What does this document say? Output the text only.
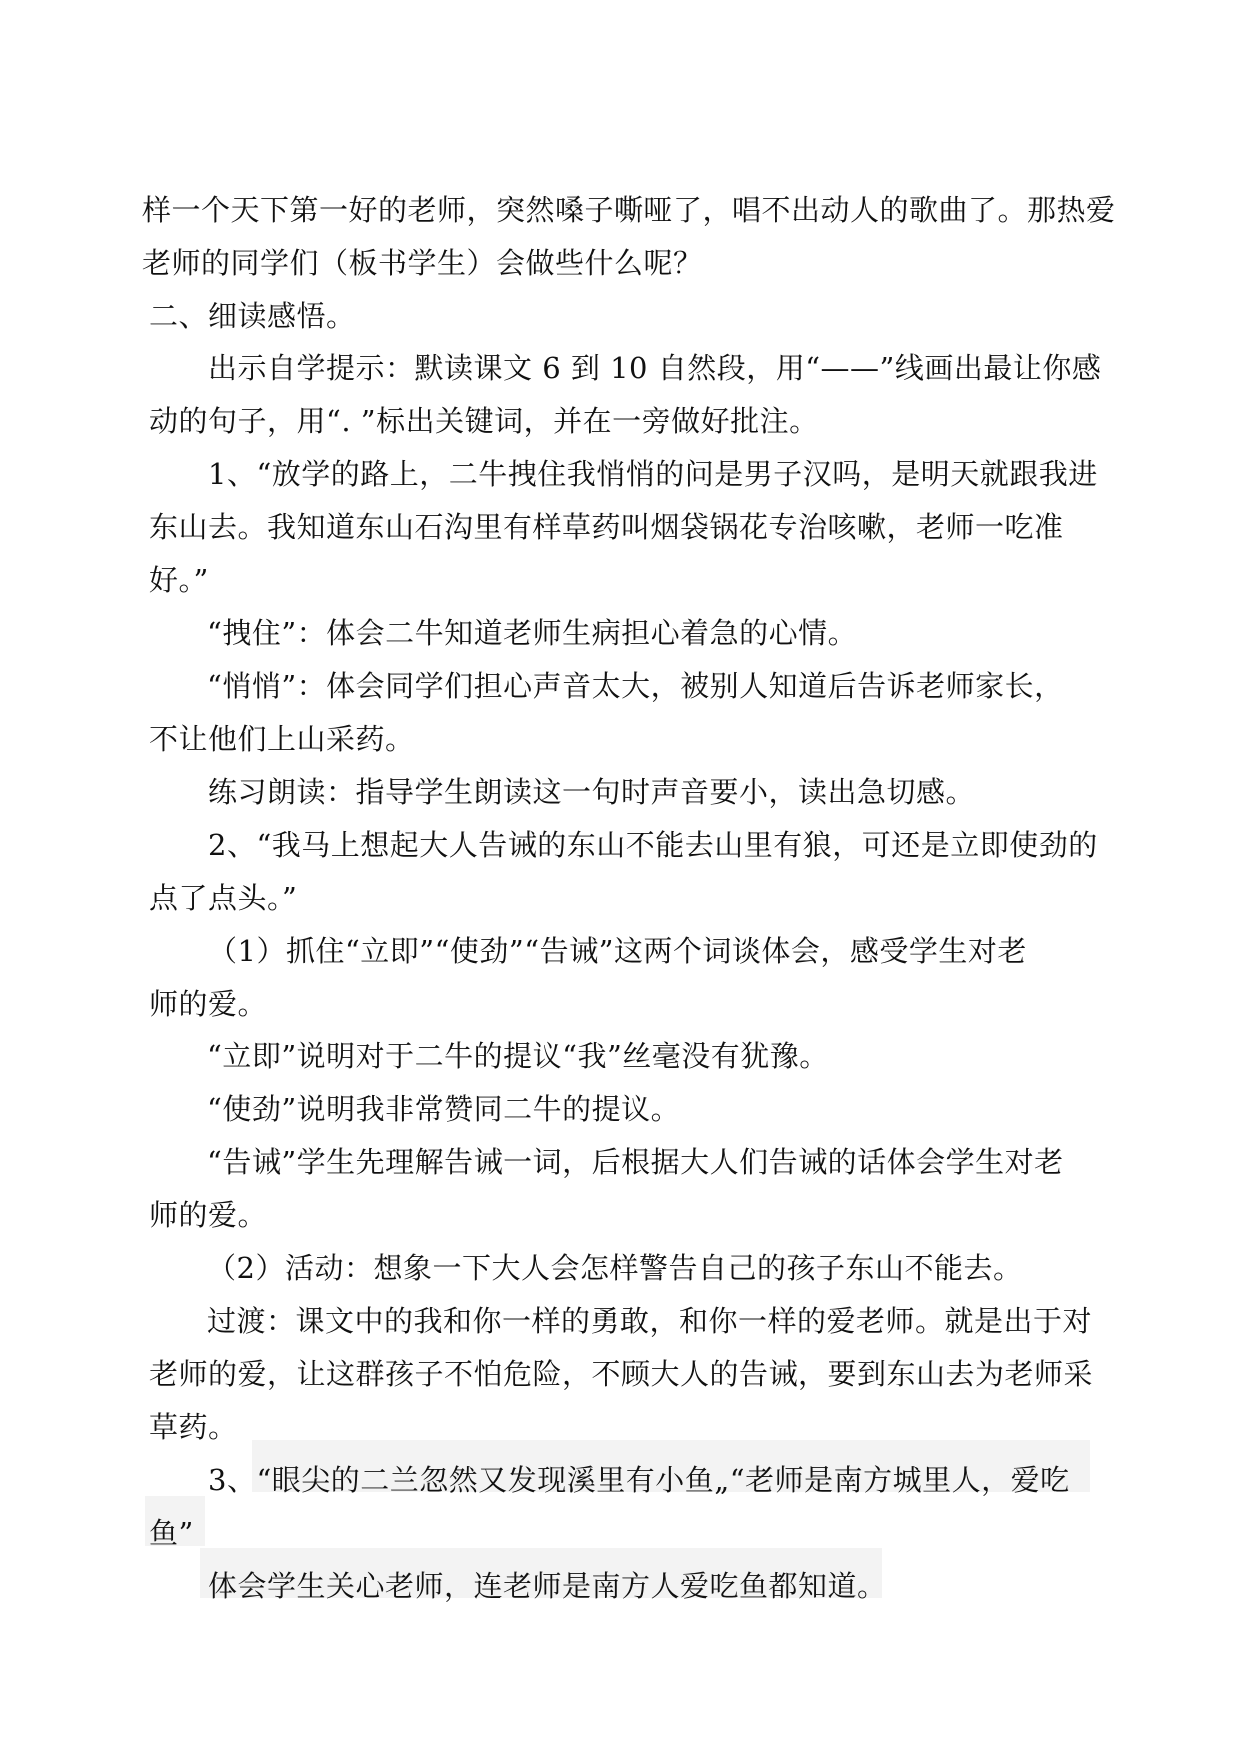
样一个天下第一好的老师，突然嗓子嘶哑了，唱不出动人的歌曲了。那热爱
老师的同学们（板书学生）会做些什么呢？
二、细读感悟。
出示自学提示：默读课文 6 到 10 自然段，用“——”线画出最让你感
动的句子，用“. ”标出关键词，并在一旁做好批注。
1、“放学的路上，二牛拽住我悄悄的问是男子汉吗，是明天就跟我进
东山去。我知道东山石沟里有样草药叫烟袋锅花专治咳嗽，老师一吃准
好。”
“拽住”：体会二牛知道老师生病担心着急的心情。
“悄悄”：体会同学们担心声音太大，被别人知道后告诉老师家长，
不让他们上山采药。
练习朗读：指导学生朗读这一句时声音要小，读出急切感。
2、“我马上想起大人告诫的东山不能去山里有狼，可还是立即使劲的
点了点头。”
（1）抓住“立即”“使劲”“告诫”这两个词谈体会，感受学生对老
师的爱。
“立即”说明对于二牛的提议“我”丝毫没有犹豫。
“使劲”说明我非常赞同二牛的提议。
“告诫”学生先理解告诫一词，后根据大人们告诫的话体会学生对老
师的爱。
（2）活动：想象一下大人会怎样警告自己的孩子东山不能去。
过渡：课文中的我和你一样的勇敢，和你一样的爱老师。就是出于对
老师的爱，让这群孩子不怕危险，不顾大人的告诫，要到东山去为老师采
草药。
3、“眼尖的二兰忽然又发现溪里有小鱼„“老师是南方城里人，爱吃
鱼”
体会学生关心老师，连老师是南方人爱吃鱼都知道。
